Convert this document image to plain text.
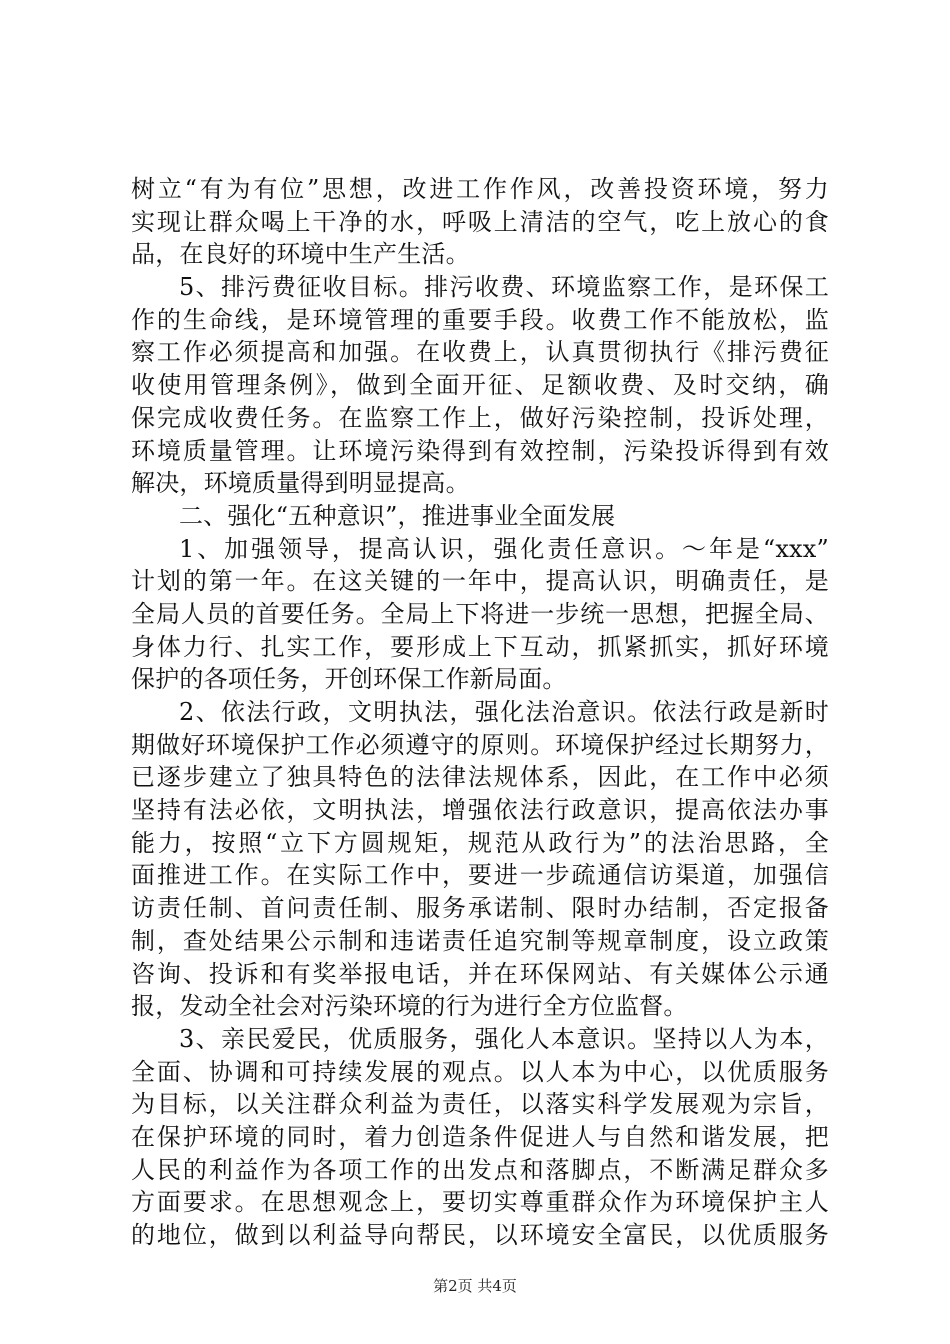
树立“有为有位”思想，改进工作作风，改善投资环境，努力
实现让群众喝上干净的水，呼吸上清洁的空气，吃上放心的食
品，在良好的环境中生产生活。
5、排污费征收目标。排污收费、环境监察工作，是环保工
作的生命线，是环境管理的重要手段。收费工作不能放松，监
察工作必须提高和加强。在收费上，认真贯彻执行《排污费征
收使用管理条例》，做到全面开征、足额收费、及时交纳，确
保完成收费任务。在监察工作上，做好污染控制，投诉处理，
环境质量管理。让环境污染得到有效控制，污染投诉得到有效
解决，环境质量得到明显提高。
二、强化“五种意识”，推进事业全面发展
1、加强领导，提高认识，强化责任意识。～年是“xxx”
计划的第一年。在这关键的一年中，提高认识，明确责任，是
全局人员的首要任务。全局上下将进一步统一思想，把握全局、
身体力行、扎实工作，要形成上下互动，抓紧抓实，抓好环境
保护的各项任务，开创环保工作新局面。
2、依法行政，文明执法，强化法治意识。依法行政是新时
期做好环境保护工作必须遵守的原则。环境保护经过长期努力，
已逐步建立了独具特色的法律法规体系，因此，在工作中必须
坚持有法必依，文明执法，增强依法行政意识，提高依法办事
能力，按照“立下方圆规矩，规范从政行为”的法治思路，全
面推进工作。在实际工作中，要进一步疏通信访渠道，加强信
访责任制、首问责任制、服务承诺制、限时办结制，否定报备
制，查处结果公示制和违诺责任追究制等规章制度，设立政策
咨询、投诉和有奖举报电话，并在环保网站、有关媒体公示通
报，发动全社会对污染环境的行为进行全方位监督。
3、亲民爱民，优质服务，强化人本意识。坚持以人为本，
全面、协调和可持续发展的观点。以人本为中心，以优质服务
为目标，以关注群众利益为责任，以落实科学发展观为宗旨，
在保护环境的同时，着力创造条件促进人与自然和谐发展，把
人民的利益作为各项工作的出发点和落脚点，不断满足群众多
方面要求。在思想观念上，要切实尊重群众作为环境保护主人
的地位，做到以利益导向帮民，以环境安全富民，以优质服务
第2页 共4页
